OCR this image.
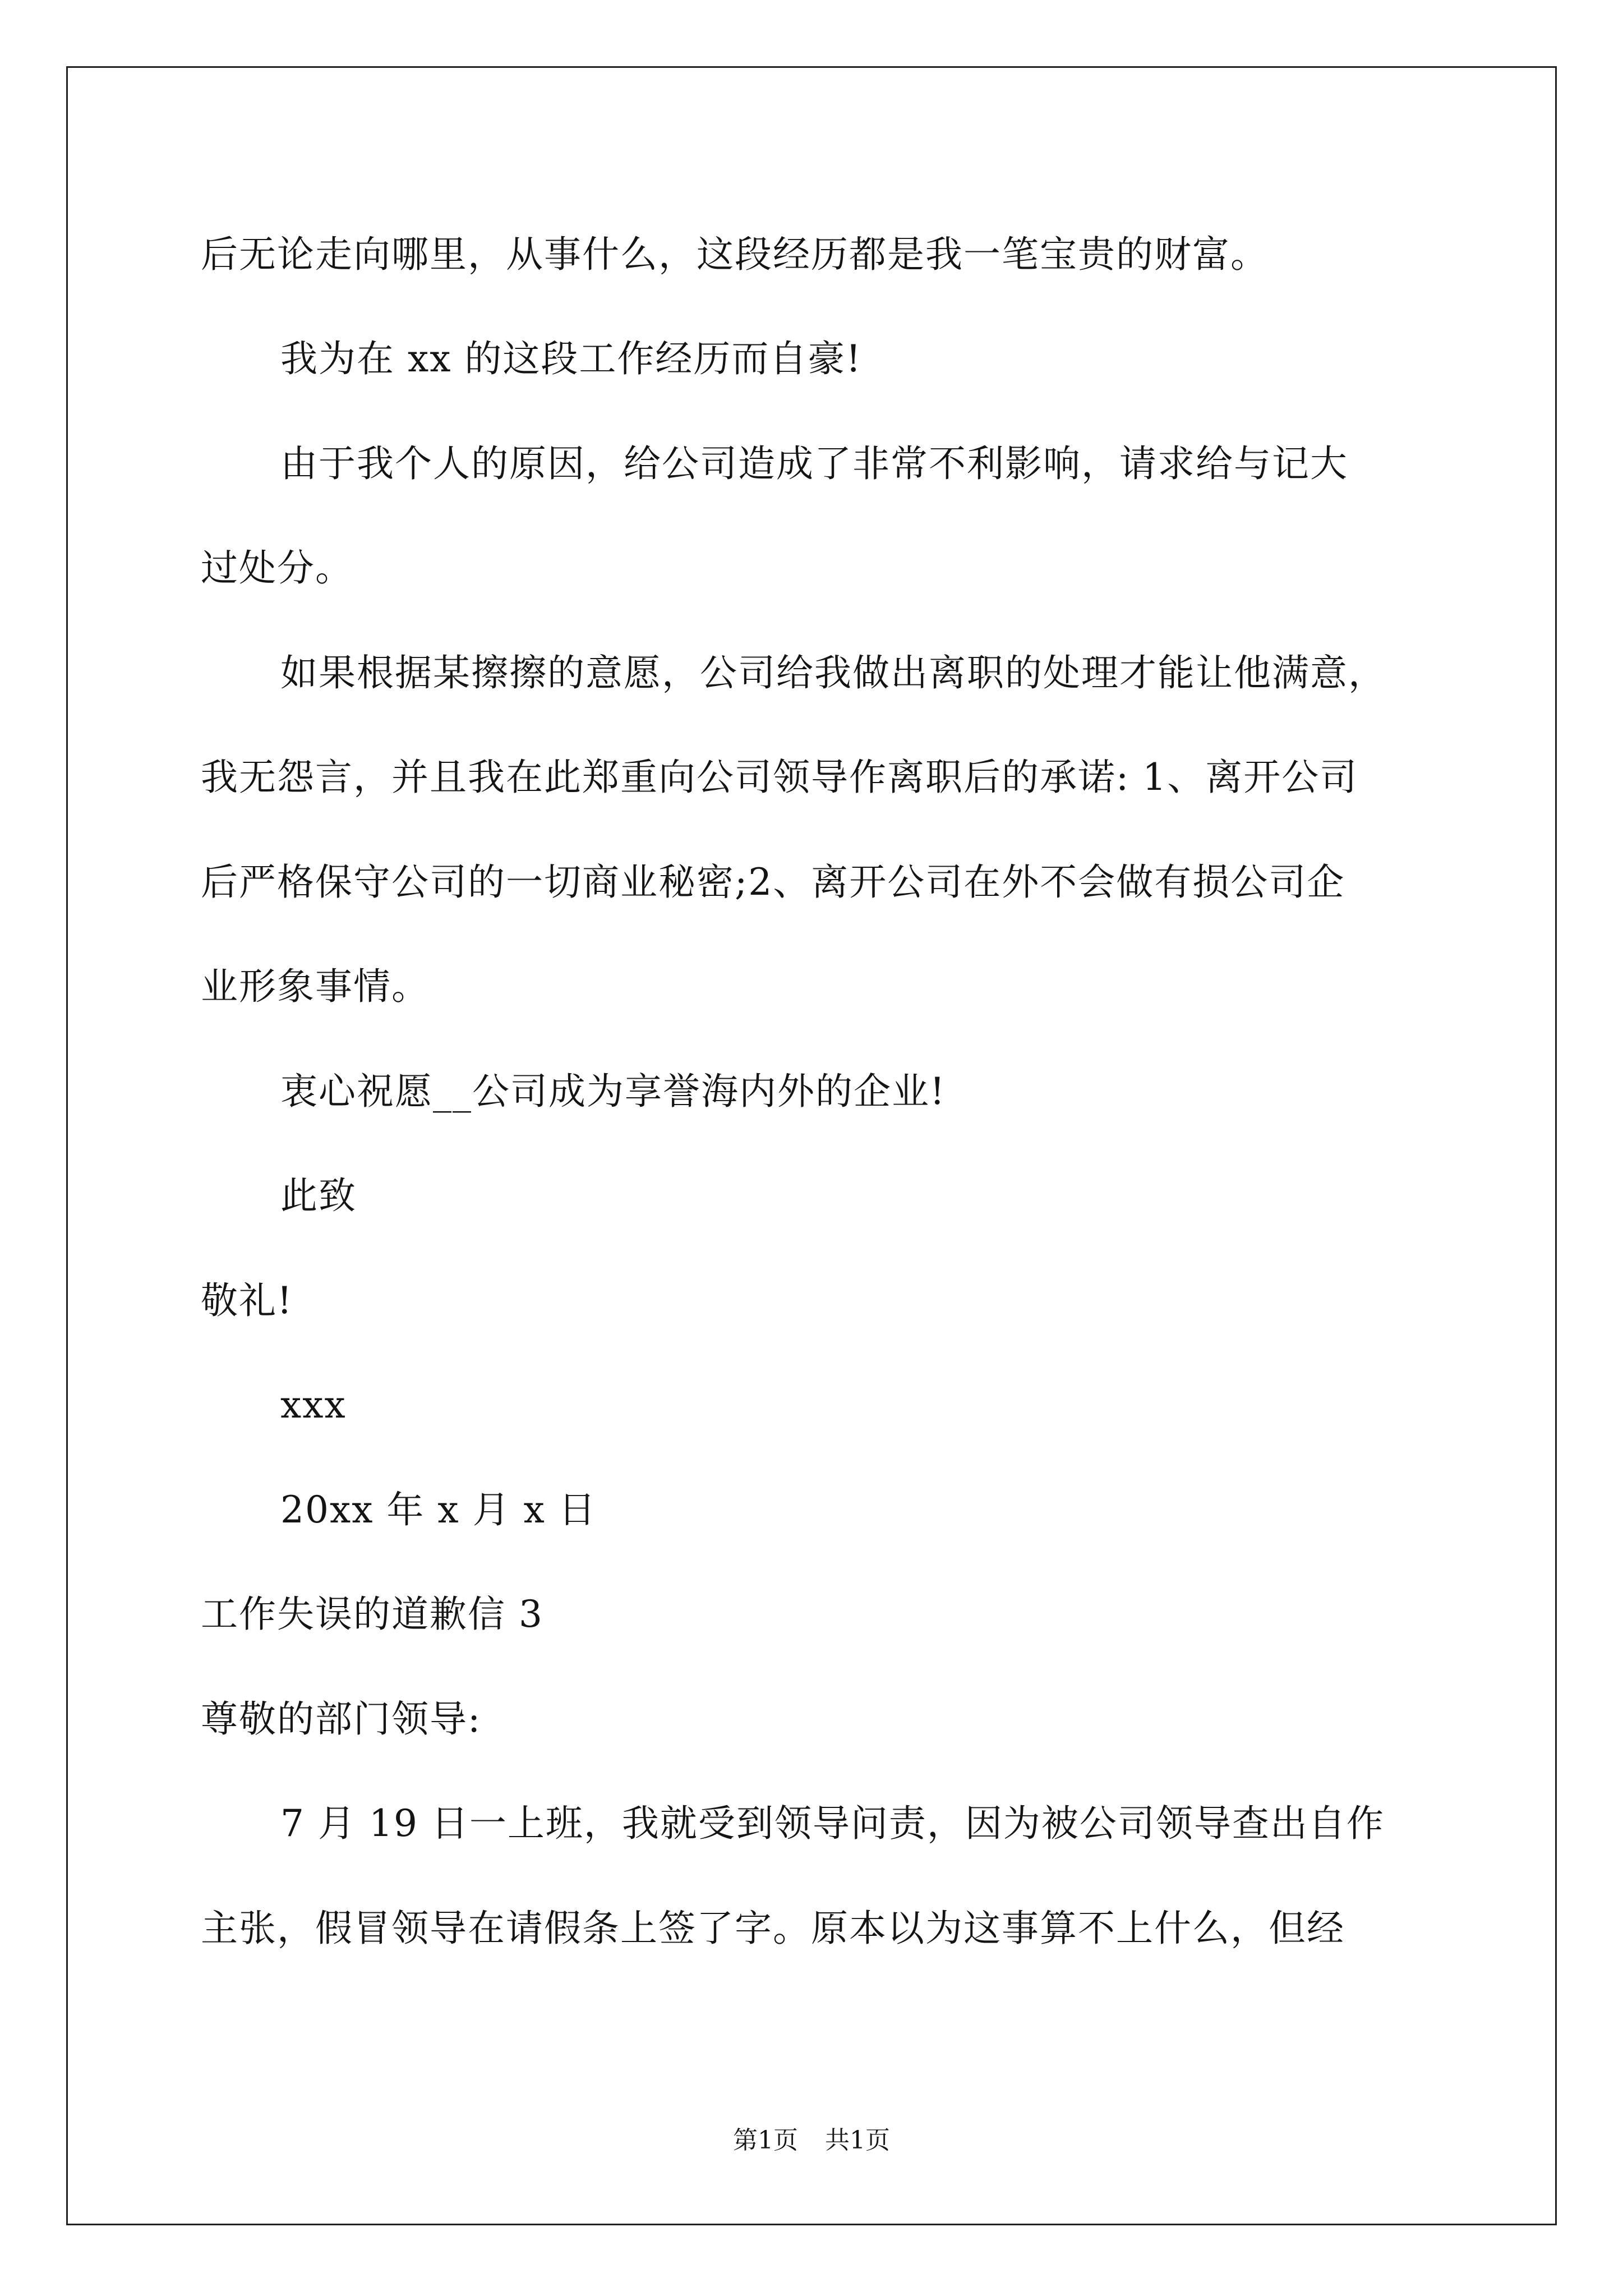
后无论走向哪里，从事什么，这段经历都是我一笔宝贵的财富。
我为在 xx 的这段工作经历而自豪!
由于我个人的原因，给公司造成了非常不利影响，请求给与记大
过处分。
如果根据某擦擦的意愿，公司给我做出离职的处理才能让他满意，
我无怨言，并且我在此郑重向公司领导作离职后的承诺: 1、离开公司
后严格保守公司的一切商业秘密;2、离开公司在外不会做有损公司企
业形象事情。
衷心祝愿__公司成为享誉海内外的企业!
此致
敬礼!
xxx
20xx 年 x 月 x 日
工作失误的道歉信 3
尊敬的部门领导:
7 月 19 日一上班，我就受到领导问责，因为被公司领导查出自作
主张，假冒领导在请假条上签了字。原本以为这事算不上什么，但经
第1页 共1页
